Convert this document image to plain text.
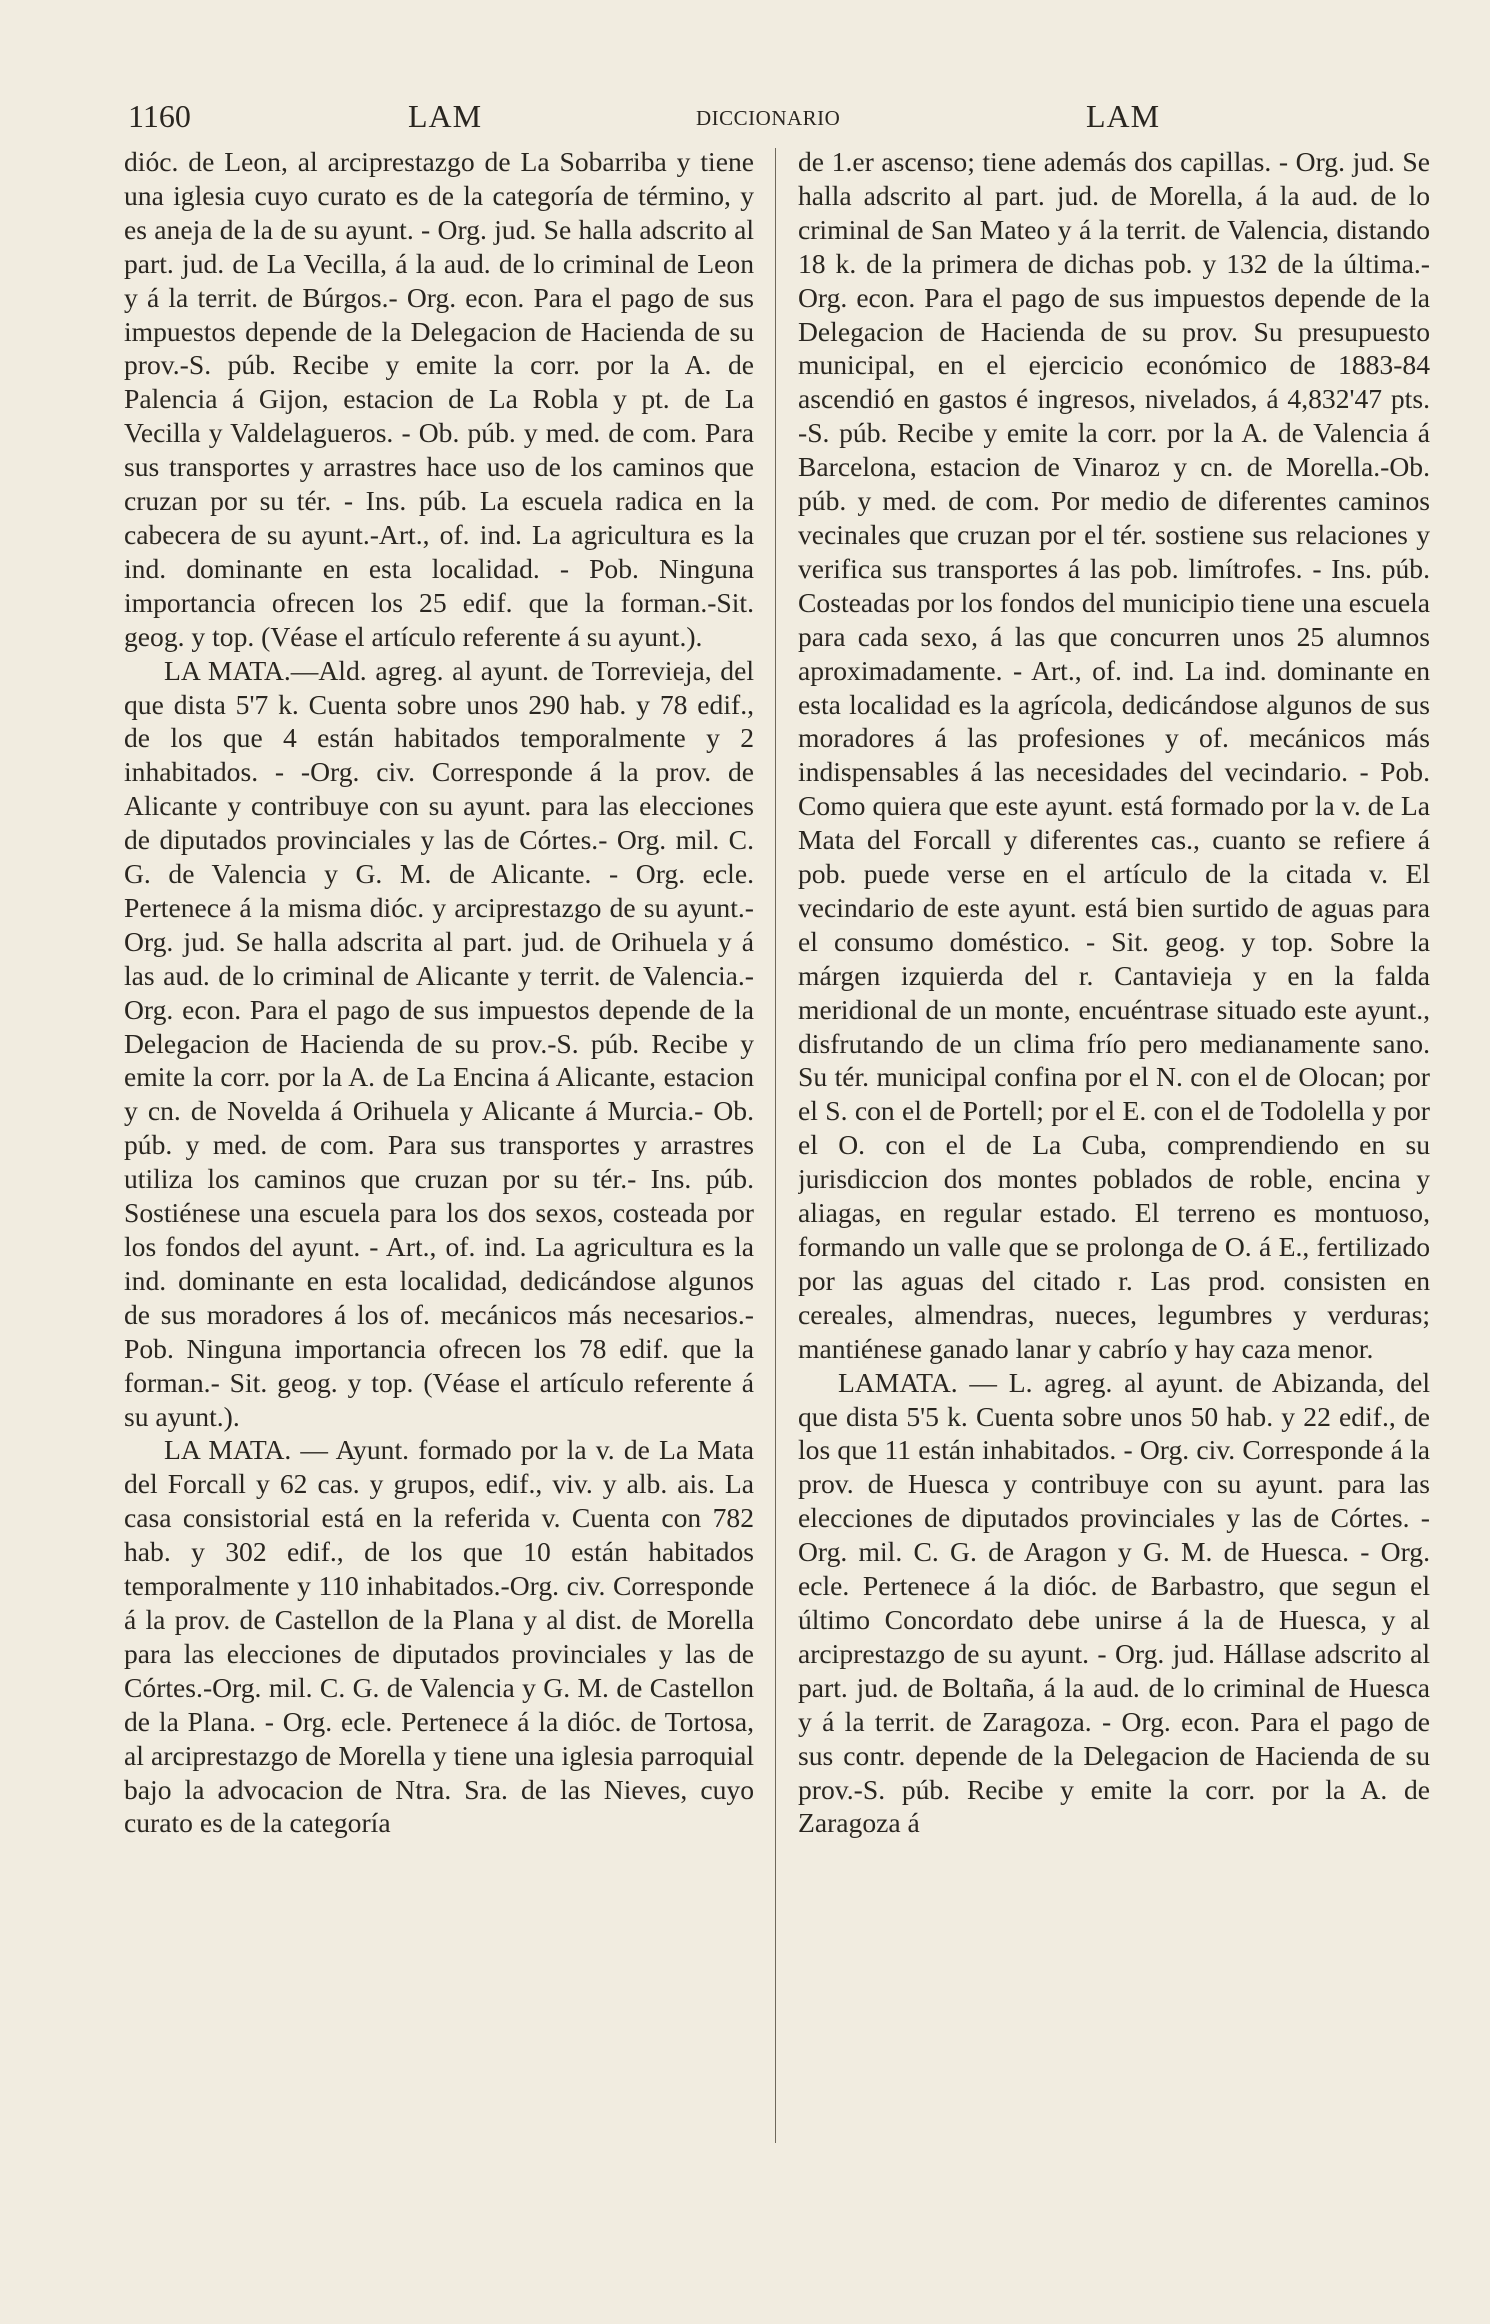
1160	LAM	DICCIONARIO	LAM

dióc. de Leon, al arciprestazgo de La Sobarriba y tiene una iglesia cuyo curato es de la categoría de término, y es aneja de la de su ayunt. - Org. jud. Se halla adscrito al part. jud. de La Vecilla, á la aud. de lo criminal de Leon y á la territ. de Búrgos.- Org. econ. Para el pago de sus impuestos depende de la Delegacion de Hacienda de su prov.-S. púb. Recibe y emite la corr. por la A. de Palencia á Gijon, estacion de La Robla y pt. de La Vecilla y Valdelagueros. - Ob. púb. y med. de com. Para sus transportes y arrastres hace uso de los caminos que cruzan por su tér. - Ins. púb. La escuela radica en la cabecera de su ayunt.-Art., of. ind. La agricultura es la ind. dominante en esta localidad. - Pob. Ninguna importancia ofrecen los 25 edif. que la forman.-Sit. geog. y top. (Véase el artículo referente á su ayunt.).

LA MATA.—Ald. agreg. al ayunt. de Torrevieja, del que dista 5'7 k. Cuenta sobre unos 290 hab. y 78 edif., de los que 4 están habitados temporalmente y 2 inhabitados. - -Org. civ. Corresponde á la prov. de Alicante y contribuye con su ayunt. para las elecciones de diputados provinciales y las de Córtes.- Org. mil. C. G. de Valencia y G. M. de Alicante. - Org. ecle. Pertenece á la misma dióc. y arciprestazgo de su ayunt.- Org. jud. Se halla adscrita al part. jud. de Orihuela y á las aud. de lo criminal de Alicante y territ. de Valencia.-Org. econ. Para el pago de sus impuestos depende de la Delegacion de Hacienda de su prov.-S. púb. Recibe y emite la corr. por la A. de La Encina á Alicante, estacion y cn. de Novelda á Orihuela y Alicante á Murcia.- Ob. púb. y med. de com. Para sus transportes y arrastres utiliza los caminos que cruzan por su tér.- Ins. púb. Sostiénese una escuela para los dos sexos, costeada por los fondos del ayunt. - Art., of. ind. La agricultura es la ind. dominante en esta localidad, dedicándose algunos de sus moradores á los of. mecánicos más necesarios.-Pob. Ninguna importancia ofrecen los 78 edif. que la forman.- Sit. geog. y top. (Véase el artículo referente á su ayunt.).

LA MATA. — Ayunt. formado por la v. de La Mata del Forcall y 62 cas. y grupos, edif., viv. y alb. ais. La casa consistorial está en la referida v. Cuenta con 782 hab. y 302 edif., de los que 10 están habitados temporalmente y 110 inhabitados.-Org. civ. Corresponde á la prov. de Castellon de la Plana y al dist. de Morella para las elecciones de diputados provinciales y las de Córtes.-Org. mil. C. G. de Valencia y G. M. de Castellon de la Plana. - Org. ecle. Pertenece á la dióc. de Tortosa, al arciprestazgo de Morella y tiene una iglesia parroquial bajo la advocacion de Ntra. Sra. de las Nieves, cuyo curato es de la categoría

de 1.er ascenso; tiene además dos capillas. - Org. jud. Se halla adscrito al part. jud. de Morella, á la aud. de lo criminal de San Mateo y á la territ. de Valencia, distando 18 k. de la primera de dichas pob. y 132 de la última.-Org. econ. Para el pago de sus impuestos depende de la Delegacion de Hacienda de su prov. Su presupuesto municipal, en el ejercicio económico de 1883-84 ascendió en gastos é ingresos, nivelados, á 4,832'47 pts. -S. púb. Recibe y emite la corr. por la A. de Valencia á Barcelona, estacion de Vinaroz y cn. de Morella.-Ob. púb. y med. de com. Por medio de diferentes caminos vecinales que cruzan por el tér. sostiene sus relaciones y verifica sus transportes á las pob. limítrofes. - Ins. púb. Costeadas por los fondos del municipio tiene una escuela para cada sexo, á las que concurren unos 25 alumnos aproximadamente. - Art., of. ind. La ind. dominante en esta localidad es la agrícola, dedicándose algunos de sus moradores á las profesiones y of. mecánicos más indispensables á las necesidades del vecindario. - Pob. Como quiera que este ayunt. está formado por la v. de La Mata del Forcall y diferentes cas., cuanto se refiere á pob. puede verse en el artículo de la citada v. El vecindario de este ayunt. está bien surtido de aguas para el consumo doméstico. - Sit. geog. y top. Sobre la márgen izquierda del r. Cantavieja y en la falda meridional de un monte, encuéntrase situado este ayunt., disfrutando de un clima frío pero medianamente sano. Su tér. municipal confina por el N. con el de Olocan; por el S. con el de Portell; por el E. con el de Todolella y por el O. con el de La Cuba, comprendiendo en su jurisdiccion dos montes poblados de roble, encina y aliagas, en regular estado. El terreno es montuoso, formando un valle que se prolonga de O. á E., fertilizado por las aguas del citado r. Las prod. consisten en cereales, almendras, nueces, legumbres y verduras; mantiénese ganado lanar y cabrío y hay caza menor.

LAMATA. — L. agreg. al ayunt. de Abizanda, del que dista 5'5 k. Cuenta sobre unos 50 hab. y 22 edif., de los que 11 están inhabitados. - Org. civ. Corresponde á la prov. de Huesca y contribuye con su ayunt. para las elecciones de diputados provinciales y las de Córtes. - Org. mil. C. G. de Aragon y G. M. de Huesca. - Org. ecle. Pertenece á la dióc. de Barbastro, que segun el último Concordato debe unirse á la de Huesca, y al arciprestazgo de su ayunt. - Org. jud. Hállase adscrito al part. jud. de Boltaña, á la aud. de lo criminal de Huesca y á la territ. de Zaragoza. - Org. econ. Para el pago de sus contr. depende de la Delegacion de Hacienda de su prov.-S. púb. Recibe y emite la corr. por la A. de Zaragoza á
